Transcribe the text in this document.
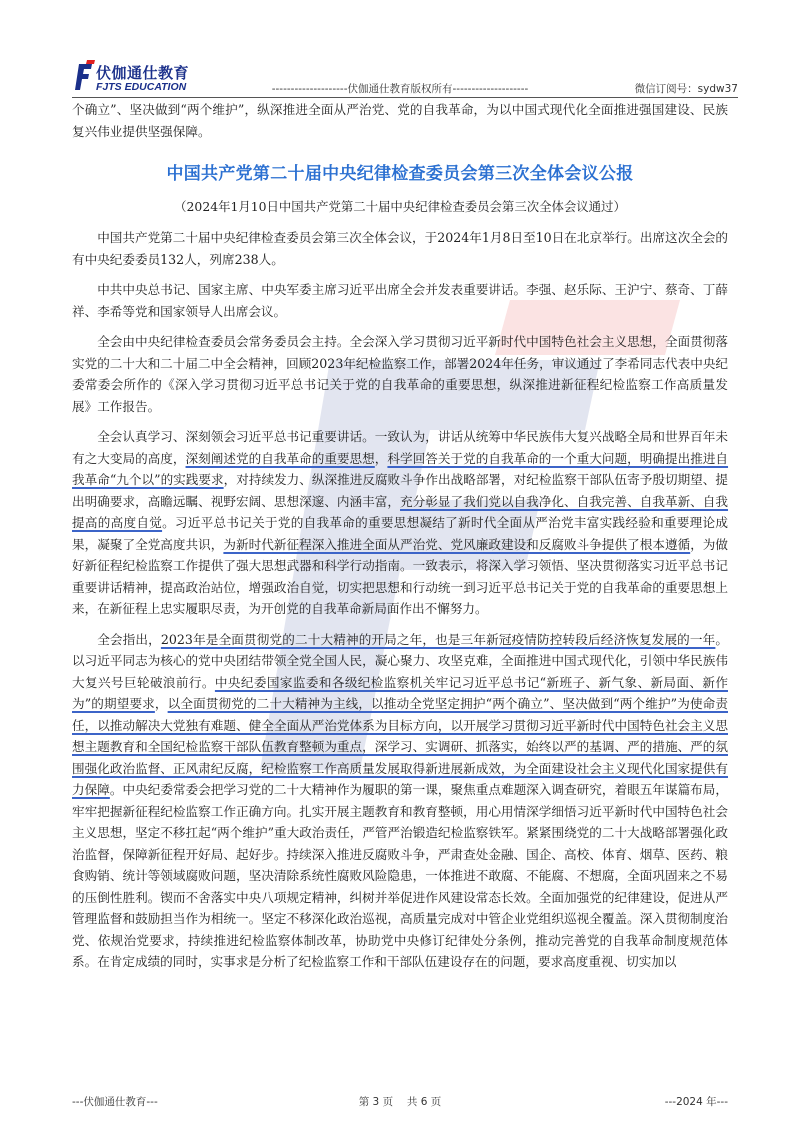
伏伽通仕教育
FJTS EDUCATION	--------------------伏伽通仕教育版权所有--------------------	微信订阅号：sydw37

个确立”、坚决做到“两个维护”，纵深推进全面从严治党、党的自我革命，为以中国式现代化全面推进强国建设、民族复兴伟业提供坚强保障。

中国共产党第二十届中央纪律检查委员会第三次全体会议公报

（2024年1月10日中国共产党第二十届中央纪律检查委员会第三次全体会议通过）

中国共产党第二十届中央纪律检查委员会第三次全体会议，于2024年1月8日至10日在北京举行。出席这次全会的有中央纪委委员132人，列席238人。

中共中央总书记、国家主席、中央军委主席习近平出席全会并发表重要讲话。李强、赵乐际、王沪宁、蔡奇、丁薛祥、李希等党和国家领导人出席会议。

全会由中央纪律检查委员会常务委员会主持。全会深入学习贯彻习近平新时代中国特色社会主义思想，全面贯彻落实党的二十大和二十届二中全会精神，回顾2023年纪检监察工作，部署2024年任务，审议通过了李希同志代表中央纪委常委会所作的《深入学习贯彻习近平总书记关于党的自我革命的重要思想，纵深推进新征程纪检监察工作高质量发展》工作报告。

全会认真学习、深刻领会习近平总书记重要讲话。一致认为，讲话从统筹中华民族伟大复兴战略全局和世界百年未有之大变局的高度，深刻阐述党的自我革命的重要思想，科学回答关于党的自我革命的一个重大问题，明确提出推进自我革命“九个以”的实践要求，对持续发力、纵深推进反腐败斗争作出战略部署，对纪检监察干部队伍寄予殷切期望、提出明确要求，高瞻远瞩、视野宏阔、思想深邃、内涵丰富，充分彰显了我们党以自我净化、自我完善、自我革新、自我提高的高度自觉。习近平总书记关于党的自我革命的重要思想凝结了新时代全面从严治党丰富实践经验和重要理论成果，凝聚了全党高度共识，为新时代新征程深入推进全面从严治党、党风廉政建设和反腐败斗争提供了根本遵循，为做好新征程纪检监察工作提供了强大思想武器和科学行动指南。一致表示，将深入学习领悟、坚决贯彻落实习近平总书记重要讲话精神，提高政治站位，增强政治自觉，切实把思想和行动统一到习近平总书记关于党的自我革命的重要思想上来，在新征程上忠实履职尽责，为开创党的自我革命新局面作出不懈努力。

全会指出，2023年是全面贯彻党的二十大精神的开局之年，也是三年新冠疫情防控转段后经济恢复发展的一年。以习近平同志为核心的党中央团结带领全党全国人民，凝心聚力、攻坚克难，全面推进中国式现代化，引领中华民族伟大复兴号巨轮破浪前行。中央纪委国家监委和各级纪检监察机关牢记习近平总书记“新班子、新气象、新局面、新作为”的期望要求，以全面贯彻党的二十大精神为主线，以推动全党坚定拥护“两个确立”、坚决做到“两个维护”为使命责任，以推动解决大党独有难题、健全全面从严治党体系为目标方向，以开展学习贯彻习近平新时代中国特色社会主义思想主题教育和全国纪检监察干部队伍教育整顿为重点，深学习、实调研、抓落实，始终以严的基调、严的措施、严的氛围强化政治监督、正风肃纪反腐，纪检监察工作高质量发展取得新进展新成效，为全面建设社会主义现代化国家提供有力保障。中央纪委常委会把学习党的二十大精神作为履职的第一课，聚焦重点难题深入调查研究，着眼五年谋篇布局，牢牢把握新征程纪检监察工作正确方向。扎实开展主题教育和教育整顿，用心用情深学细悟习近平新时代中国特色社会主义思想，坚定不移扛起“两个维护”重大政治责任，严管严治锻造纪检监察铁军。紧紧围绕党的二十大战略部署强化政治监督，保障新征程开好局、起好步。持续深入推进反腐败斗争，严肃查处金融、国企、高校、体育、烟草、医药、粮食购销、统计等领域腐败问题，坚决清除系统性腐败风险隐患，一体推进不敢腐、不能腐、不想腐，全面巩固来之不易的压倒性胜利。锲而不舍落实中央八项规定精神，纠树并举促进作风建设常态长效。全面加强党的纪律建设，促进从严管理监督和鼓励担当作为相统一。坚定不移深化政治巡视，高质量完成对中管企业党组织巡视全覆盖。深入贯彻制度治党、依规治党要求，持续推进纪检监察体制改革，协助党中央修订纪律处分条例，推动完善党的自我革命制度规范体系。在肯定成绩的同时，实事求是分析了纪检监察工作和干部队伍建设存在的问题，要求高度重视、切实加以

---伏伽通仕教育---	第 3 页　 共 6 页	---2024 年---
